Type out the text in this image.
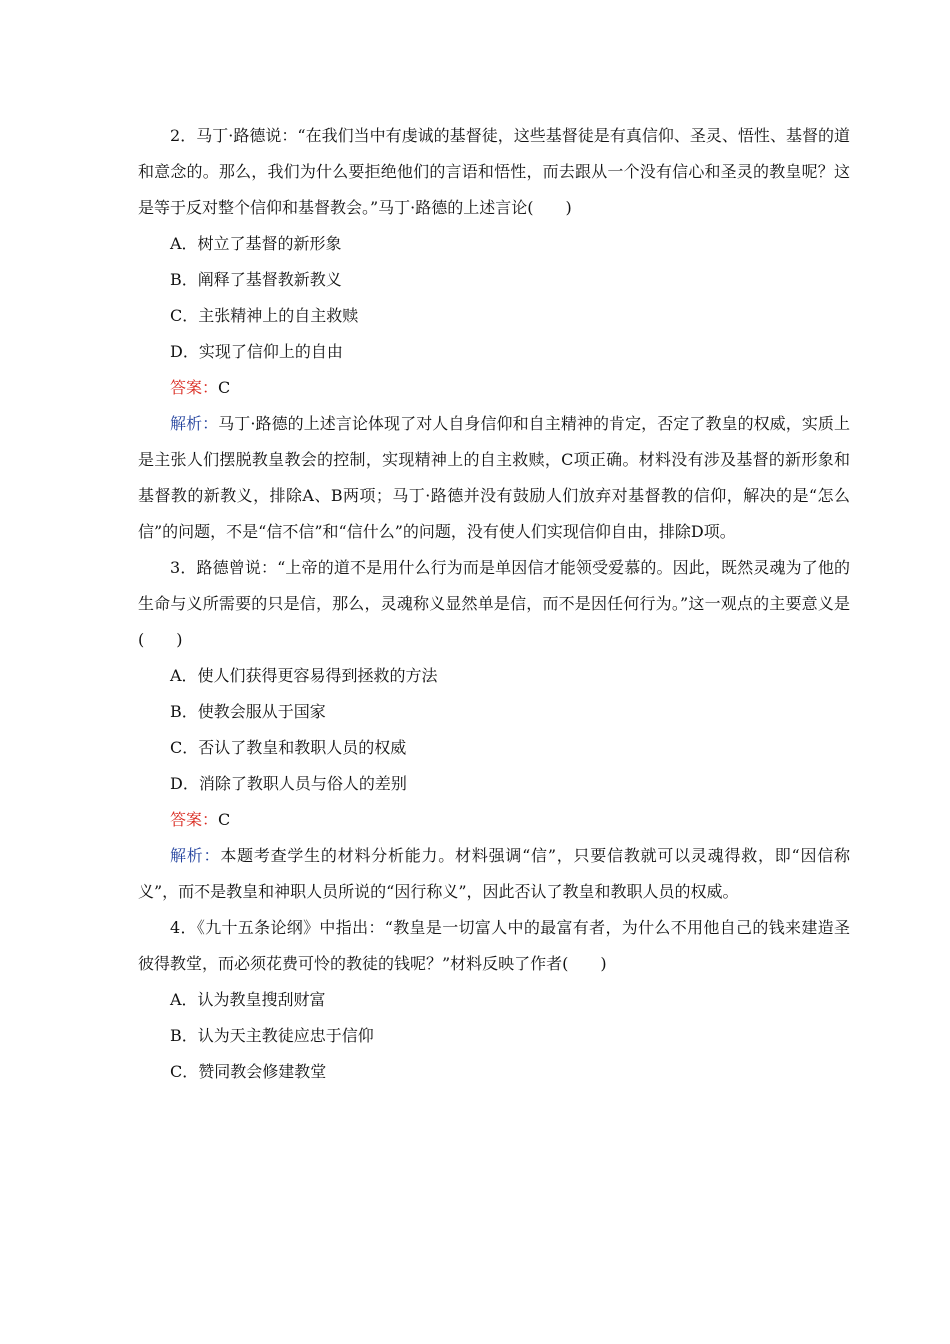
2．马丁·路德说：“在我们当中有虔诚的基督徒，这些基督徒是有真信仰、圣灵、悟性、基督的道和意念的。那么，我们为什么要拒绝他们的言语和悟性，而去跟从一个没有信心和圣灵的教皇呢？这是等于反对整个信仰和基督教会。”马丁·路德的上述言论(　　)

A．树立了基督的新形象

B．阐释了基督教新教义

C．主张精神上的自主救赎

D．实现了信仰上的自由

答案：C

解析：马丁·路德的上述言论体现了对人自身信仰和自主精神的肯定，否定了教皇的权威，实质上是主张人们摆脱教皇教会的控制，实现精神上的自主救赎，C项正确。材料没有涉及基督的新形象和基督教的新教义，排除A、B两项；马丁·路德并没有鼓励人们放弃对基督教的信仰，解决的是“怎么信”的问题，不是“信不信”和“信什么”的问题，没有使人们实现信仰自由，排除D项。

3．路德曾说：“上帝的道不是用什么行为而是单因信才能领受爱慕的。因此，既然灵魂为了他的生命与义所需要的只是信，那么，灵魂称义显然单是信，而不是因任何行为。”这一观点的主要意义是(　　)

A．使人们获得更容易得到拯救的方法

B．使教会服从于国家

C．否认了教皇和教职人员的权威

D．消除了教职人员与俗人的差别

答案：C

解析：本题考查学生的材料分析能力。材料强调“信”，只要信教就可以灵魂得救，即“因信称义”，而不是教皇和神职人员所说的“因行称义”，因此否认了教皇和教职人员的权威。

4．《九十五条论纲》中指出：“教皇是一切富人中的最富有者，为什么不用他自己的钱来建造圣彼得教堂，而必须花费可怜的教徒的钱呢？”材料反映了作者(　　)

A．认为教皇搜刮财富

B．认为天主教徒应忠于信仰

C．赞同教会修建教堂
